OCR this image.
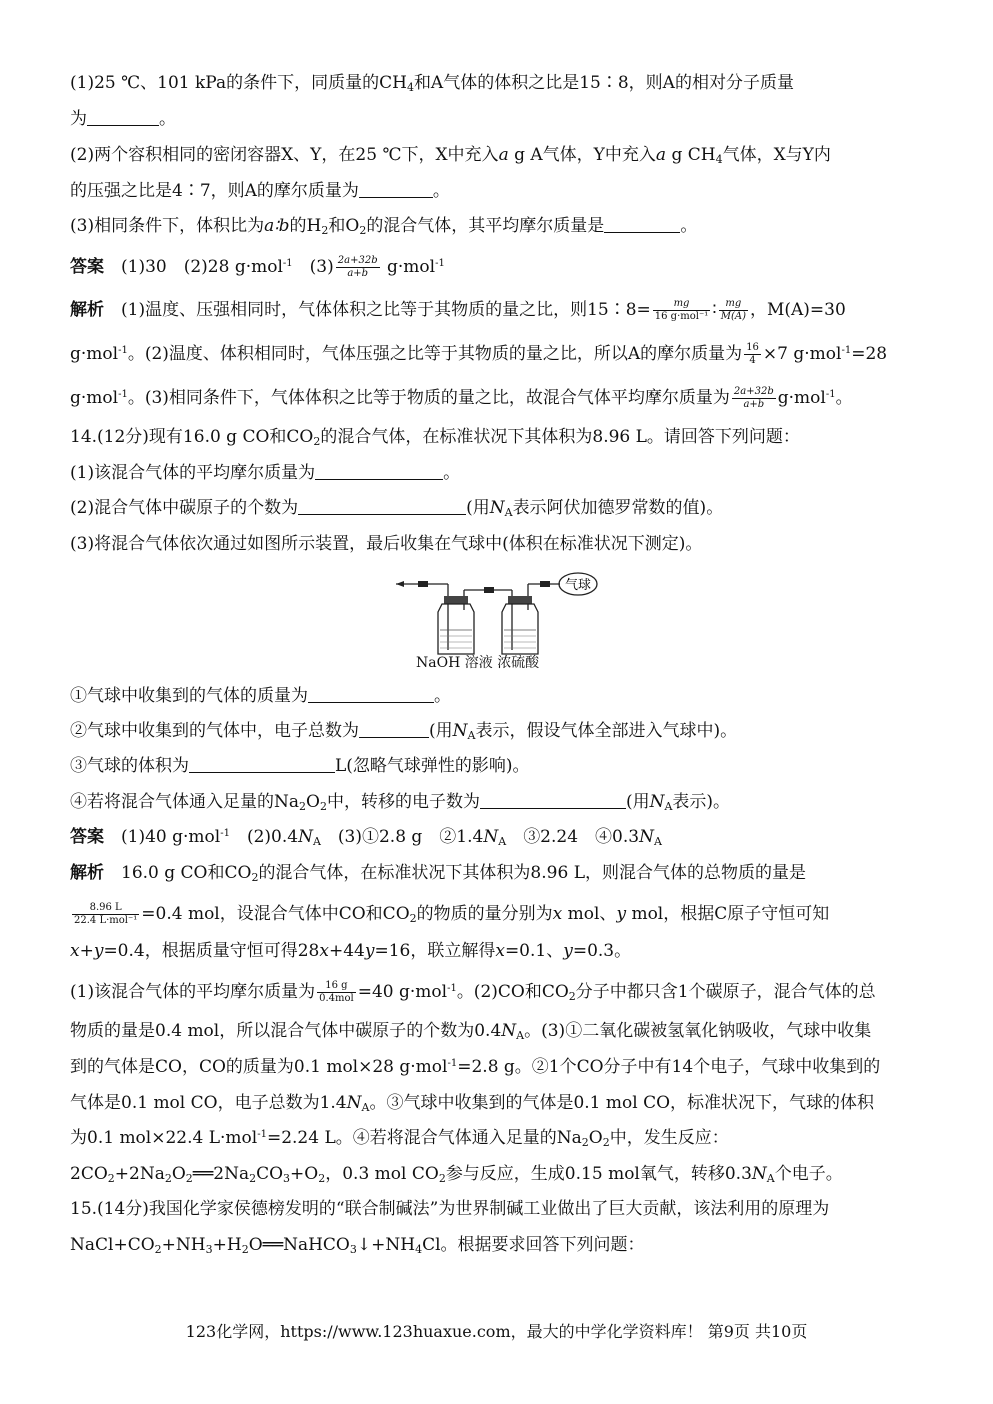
(1)25 ℃、101 kPa的条件下，同质量的$CH_4$和A气体的体积之比是15∶8，则A的相对分子质量
为	。
(2)两个容积相同的密闭容器X、Y，在25 ℃下，X中充入a g A气体，Y中充入a g $CH_4$气体，X与Y内
的压强之比是4∶7，则A的摩尔质量为	。
(3)相同条件下，体积比为a∶b的$H_2$和$O_2$的混合气体，其平均摩尔质量是	。
答案　 (1)30　(2)28 g·mol$^{-1}$　 $(3) \frac{2a+32b}{a+b} g\cdot mol^{-1}$
解析　 (1)温度、压强相同时，气体体积之比等于其物质的量之比，则15∶8= $\frac{mg}{\text{16 g·mol⁻¹}}$ ∶ $\frac{mg}{M(A)}$ ，M(A)=30
g·mol$^{-1}$。(2)温度、体积相同时，气体压强之比等于其物质的量之比，所以A的摩尔质量为 $\frac{16}{4} \times 7$ g·mol$^{-1}$=28
g·mol$^{-1}$。(3)相同条件下，气体体积之比等于物质的量之比，故混合气体平均摩尔质量为 $\frac{2a+32b}{a+b} g\cdot mol^{-1}$。
14.(12分)现有16.0 g CO和$CO_2$的混合气体，在标准状况下其体积为8.96 L。请回答下列问题：
(1)该混合气体的平均摩尔质量为	。
(2)混合气体中碳原子的个数为	(用$N_A$表示阿伏加德罗常数的值)。
(3)将混合气体依次通过如图所示装置，最后收集在气球中(体积在标准状况下测定)。
气球
NaOH 溶液 浓硫酸
①气球中收集到的气体的质量为	。
②气球中收集到的气体中，电子总数为	(用$N_A$表示，假设气体全部进入气球中)。
③气球的体积为	L(忽略气球弹性的影响)。
④若将混合气体通入足量的$Na_2O_2$中，转移的电子数为	(用$N_A$表示)。
答案　 (1)40 g·mol$^{-1}$　 $(2)0.4N_A$　 (3)①2.8 g　$②1.4N_A$　 ③2.24　$④0.3N_A$
解析　 16.0 g CO和$CO_2$的混合气体，在标准状况下其体积为8.96 L，则混合气体的总物质的量是
$\frac{8.96 L}{\text{22.4 L·mol⁻¹}} =0.4$ mol，设混合气体中CO和$CO_2$的物质的量分别为x mol、y mol，根据C原子守恒可知
x+y=0.4，根据质量守恒可得28x+44y=16，联立解得x=0.1、y=0.3。
(1)该混合气体的平均摩尔质量为 $\frac{16 g}{\text{0.4mol}} =40$ g·mol$^{-1}$。(2)CO和$CO_2$分子中都只含1个碳原子，混合气体的总
物质的量是0.4 mol，所以混合气体中碳原子的个数为$0.4N_A$。(3)①二氧化碳被氢氧化钠吸收，气球中收集
到的气体是CO，CO的质量为0.1 mol×28 g·mol$^{-1}$=2.8 g。②1个CO分子中有14个电子，气球中收集到的
气体是0.1 mol CO，电子总数为$1.4N_A$。③气球中收集到的气体是0.1 mol CO，标准状况下，气球的体积
为0.1 mol×22.4 L·mol$^{-1}$=2.24 L。④若将混合气体通入足量的$Na_2O_2$中，发生反应：
$2CO_2+2Na_2O_2══2Na_2CO_3+O_2$，0.3 mol $CO_2$参与反应，生成0.15 mol氧气，转移$0.3N_A$个电子。
15.(14分)我国化学家侯德榜发明的“联合制碱法”为世界制碱工业做出了巨大贡献，该法利用的原理为
$NaCl+CO_2+NH_3+H_2O══NaHCO_3↓+NH_4Cl$。根据要求回答下列问题：
123化学网，https://www.123huaxue.com，最大的中学化学资料库！ 第9页 共10页
